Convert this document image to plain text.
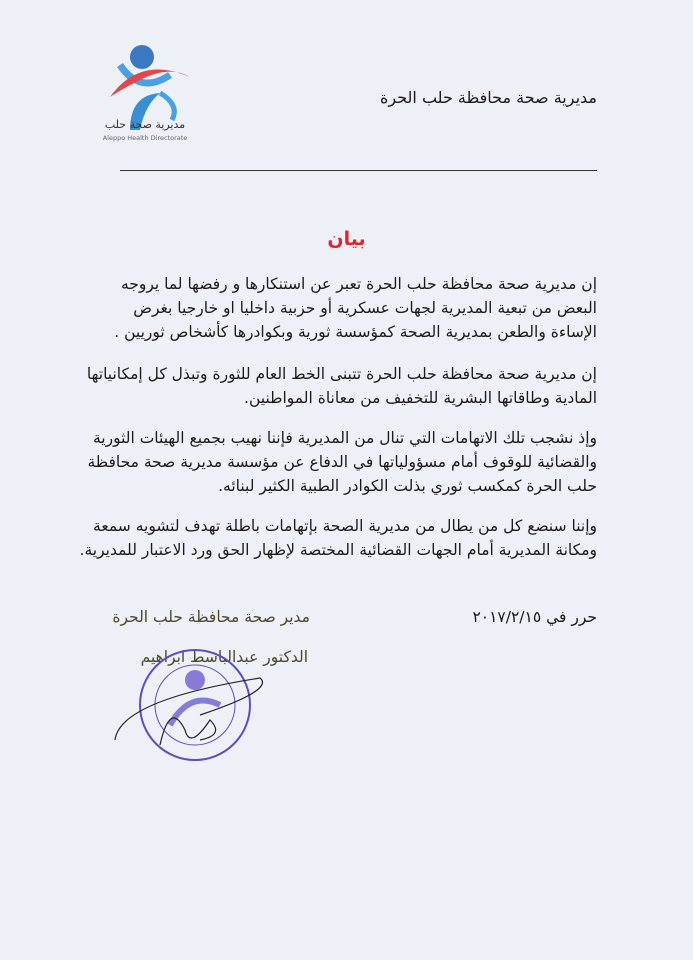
مديرية صحة حلب
Aleppo Health Directorate
مديرية صحة محافظة حلب الحرة
بيان
إن مديرية صحة محافظة حلب الحرة تعبر عن استنكارها و رفضها لما يروجه
البعض من تبعية المديرية لجهات عسكرية أو حزبية داخليا او خارجيا بغرض
الإساءة والطعن بمديرية الصحة كمؤسسة ثورية وبكوادرها كأشخاص ثوريين .
إن مديرية صحة محافظة حلب الحرة تتبنى الخط العام للثورة وتبذل كل إمكانياتها
المادية وطاقاتها البشرية للتخفيف من معاناة المواطنين.
وإذ نشجب تلك الاتهامات التي تنال من المديرية فإننا نهيب بجميع الهيئات الثورية
والقضائية للوقوف أمام مسؤولياتها في الدفاع عن مؤسسة مديرية صحة محافظة
حلب الحرة كمكسب ثوري بذلت الكوادر الطبية الكثير لبنائه.
وإننا سنضع كل من يطال من مديرية الصحة بإتهامات باطلة تهدف لتشويه سمعة
ومكانة المديرية أمام الجهات القضائية المختصة لإظهار الحق ورد الاعتبار للمديرية.
حرر في ٢٠١٧/٢/١٥
مدير صحة محافظة حلب الحرة
الدكتور عبدالباسط ابراهيم
